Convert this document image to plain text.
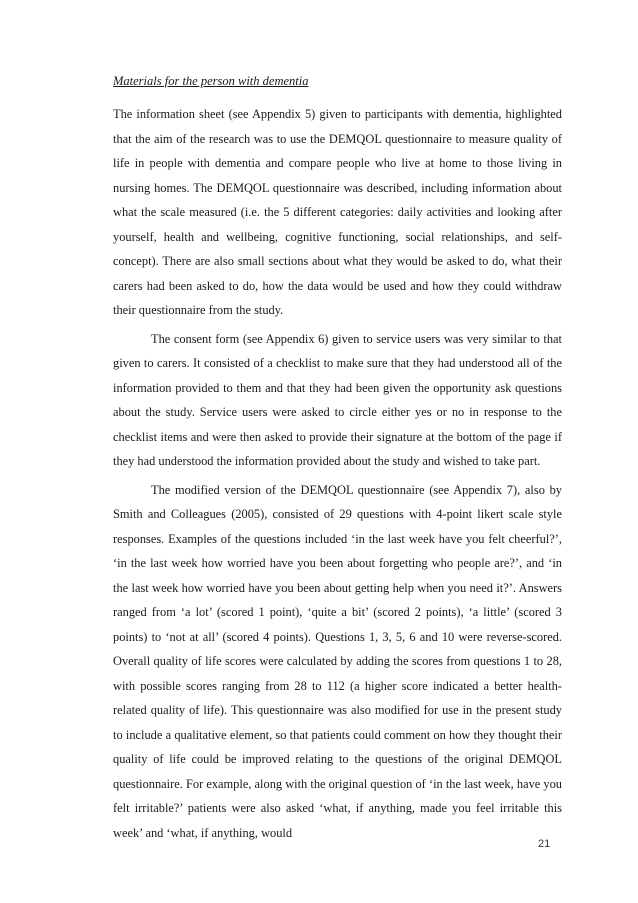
Materials for the person with dementia

The information sheet (see Appendix 5) given to participants with dementia, highlighted that the aim of the research was to use the DEMQOL questionnaire to measure quality of life in people with dementia and compare people who live at home to those living in nursing homes. The DEMQOL questionnaire was described, including information about what the scale measured (i.e. the 5 different categories: daily activities and looking after yourself, health and wellbeing, cognitive functioning, social relationships, and self-concept). There are also small sections about what they would be asked to do, what their carers had been asked to do, how the data would be used and how they could withdraw their questionnaire from the study.

The consent form (see Appendix 6) given to service users was very similar to that given to carers. It consisted of a checklist to make sure that they had understood all of the information provided to them and that they had been given the opportunity ask questions about the study. Service users were asked to circle either yes or no in response to the checklist items and were then asked to provide their signature at the bottom of the page if they had understood the information provided about the study and wished to take part.

The modified version of the DEMQOL questionnaire (see Appendix 7), also by Smith and Colleagues (2005), consisted of 29 questions with 4-point likert scale style responses. Examples of the questions included ‘in the last week have you felt cheerful?’, ‘in the last week how worried have you been about forgetting who people are?’, and ‘in the last week how worried have you been about getting help when you need it?’. Answers ranged from ‘a lot’ (scored 1 point), ‘quite a bit’ (scored 2 points), ‘a little’ (scored 3 points) to ‘not at all’ (scored 4 points). Questions 1, 3, 5, 6 and 10 were reverse-scored. Overall quality of life scores were calculated by adding the scores from questions 1 to 28, with possible scores ranging from 28 to 112 (a higher score indicated a better health-related quality of life). This questionnaire was also modified for use in the present study to include a qualitative element, so that patients could comment on how they thought their quality of life could be improved relating to the questions of the original DEMQOL questionnaire. For example, along with the original question of ‘in the last week, have you felt irritable?’ patients were also asked ‘what, if anything, made you feel irritable this week’ and ‘what, if anything, would

21
